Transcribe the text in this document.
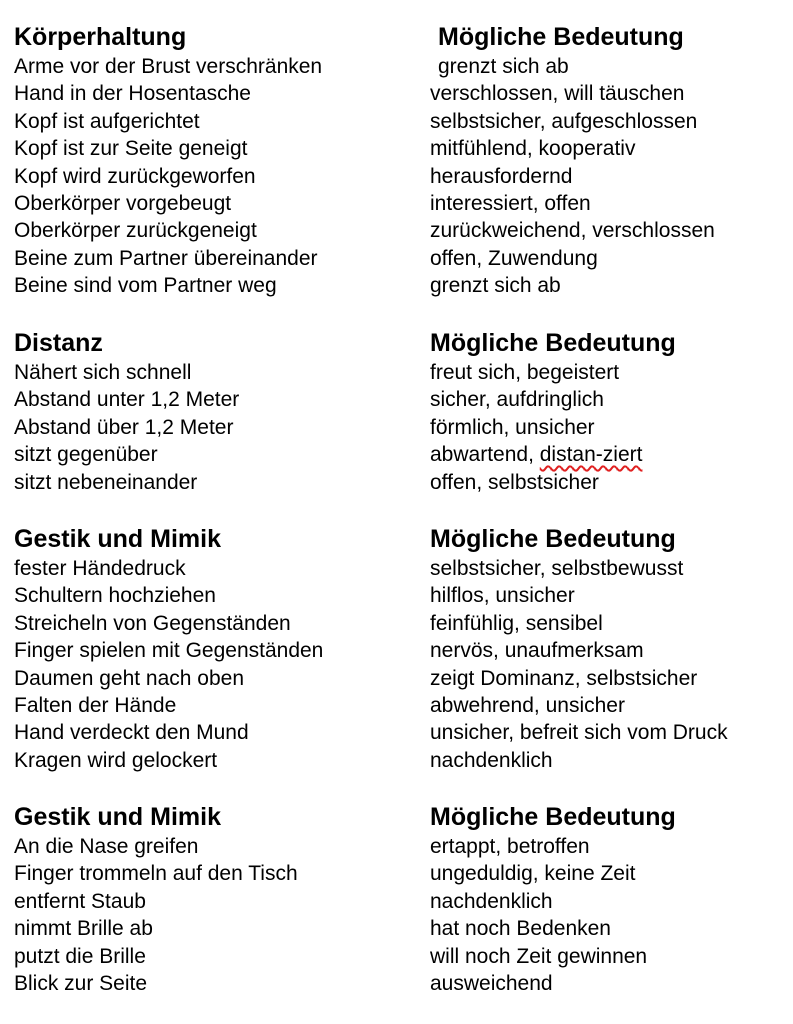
Körperhaltung	Mögliche Bedeutung
Arme vor der Brust verschränken	grenzt sich ab
Hand in der Hosentasche	verschlossen, will täuschen
Kopf ist aufgerichtet	selbstsicher, aufgeschlossen
Kopf ist zur Seite geneigt	mitfühlend, kooperativ
Kopf wird zurückgeworfen	herausfordernd
Oberkörper vorgebeugt	interessiert, offen
Oberkörper zurückgeneigt	zurückweichend, verschlossen
Beine zum Partner übereinander	offen, Zuwendung
Beine sind vom Partner weg	grenzt sich ab
Distanz	Mögliche Bedeutung
Nähert sich schnell	freut sich, begeistert
Abstand unter 1,2 Meter	sicher, aufdringlich
Abstand über 1,2 Meter	förmlich, unsicher
sitzt gegenüber	abwartend, distan-ziert
sitzt nebeneinander	offen, selbstsicher
Gestik und Mimik	Mögliche Bedeutung
fester Händedruck	selbstsicher, selbstbewusst
Schultern hochziehen	hilflos, unsicher
Streicheln von Gegenständen	feinfühlig, sensibel
Finger spielen mit Gegenständen	nervös, unaufmerksam
Daumen geht nach oben	zeigt Dominanz, selbstsicher
Falten der Hände	abwehrend, unsicher
Hand verdeckt den Mund	unsicher, befreit sich vom Druck
Kragen wird gelockert	nachdenklich
Gestik und Mimik	Mögliche Bedeutung
An die Nase greifen	ertappt, betroffen
Finger trommeln auf den Tisch	ungeduldig, keine Zeit
entfernt Staub	nachdenklich
nimmt Brille ab	hat noch Bedenken
putzt die Brille	will noch Zeit gewinnen
Blick zur Seite	ausweichend
